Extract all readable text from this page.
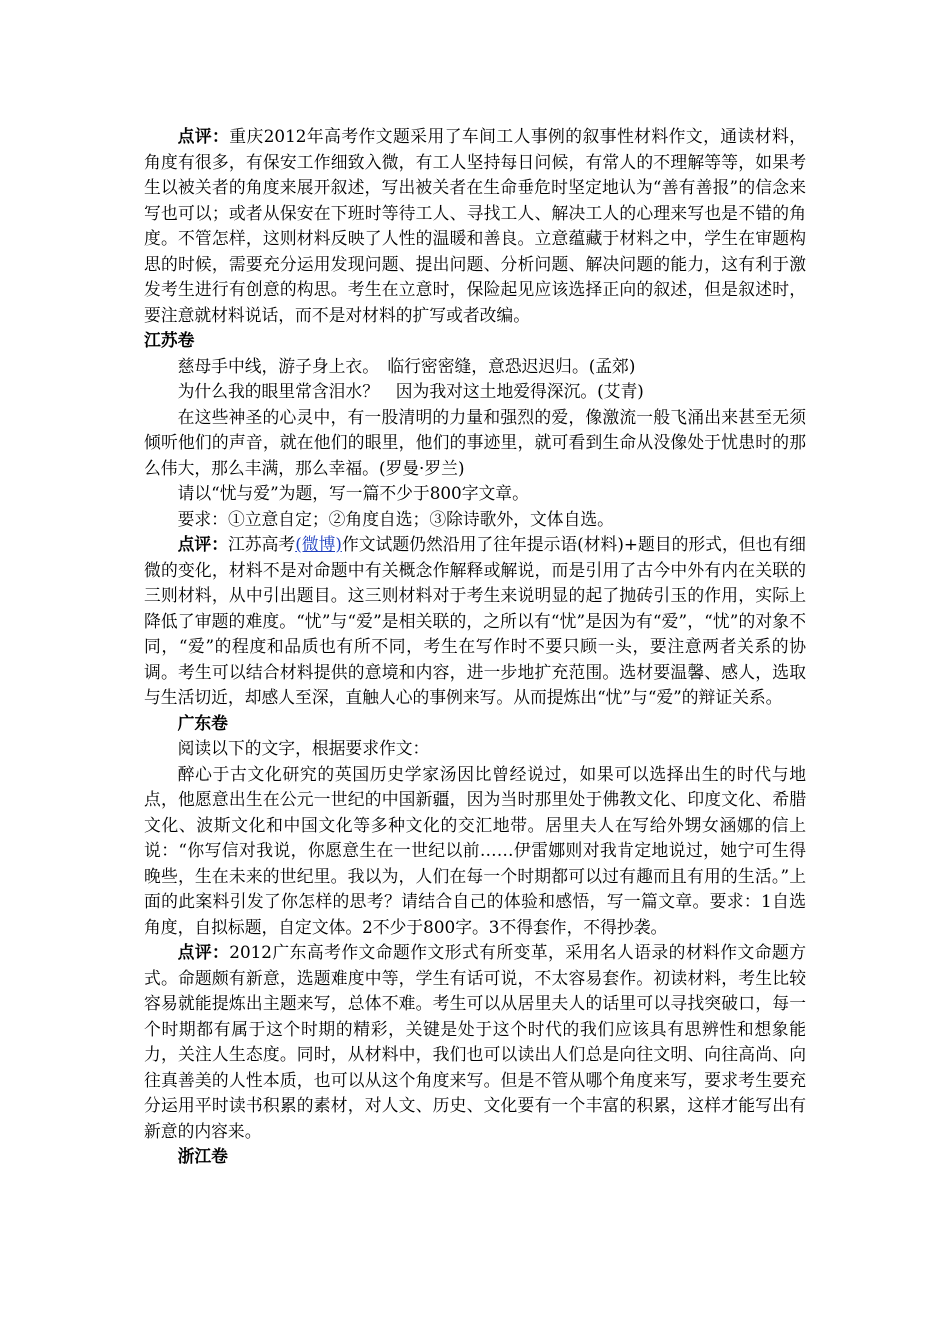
点评：重庆2012年高考作文题采用了车间工人事例的叙事性材料作文，通读材料，角度有很多，有保安工作细致入微，有工人坚持每日问候，有常人的不理解等等，如果考生以被关者的角度来展开叙述，写出被关者在生命垂危时坚定地认为“善有善报”的信念来写也可以；或者从保安在下班时等待工人、寻找工人、解决工人的心理来写也是不错的角度。不管怎样，这则材料反映了人性的温暖和善良。立意蕴藏于材料之中，学生在审题构思的时候，需要充分运用发现问题、提出问题、分析问题、解决问题的能力，这有利于激发考生进行有创意的构思。考生在立意时，保险起见应该选择正向的叙述，但是叙述时，要注意就材料说话，而不是对材料的扩写或者改编。

江苏卷

慈母手中线，游子身上衣。　临行密密缝，意恐迟迟归。(孟郊)

为什么我的眼里常含泪水？　因为我对这土地爱得深沉。(艾青)

在这些神圣的心灵中，有一股清明的力量和强烈的爱，像激流一般飞涌出来甚至无须倾听他们的声音，就在他们的眼里，他们的事迹里，就可看到生命从没像处于忧患时的那么伟大，那么丰满，那么幸福。(罗曼·罗兰)

请以“忧与爱”为题，写一篇不少于800字文章。

要求：①立意自定；②角度自选；③除诗歌外，文体自选。

点评：江苏高考(微博)作文试题仍然沿用了往年提示语(材料)+题目的形式，但也有细微的变化，材料不是对命题中有关概念作解释或解说，而是引用了古今中外有内在关联的三则材料，从中引出题目。这三则材料对于考生来说明显的起了抛砖引玉的作用，实际上降低了审题的难度。“忧”与“爱”是相关联的，之所以有“忧”是因为有“爱”，“忧”的对象不同，“爱”的程度和品质也有所不同，考生在写作时不要只顾一头，要注意两者关系的协调。考生可以结合材料提供的意境和内容，进一步地扩充范围。选材要温馨、感人，选取与生活切近，却感人至深，直触人心的事例来写。从而提炼出“忧”与“爱”的辩证关系。

广东卷

阅读以下的文字，根据要求作文：

醉心于古文化研究的英国历史学家汤因比曾经说过，如果可以选择出生的时代与地点，他愿意出生在公元一世纪的中国新疆，因为当时那里处于佛教文化、印度文化、希腊文化、波斯文化和中国文化等多种文化的交汇地带。居里夫人在写给外甥女涵娜的信上说：“你写信对我说，你愿意生在一世纪以前……伊雷娜则对我肯定地说过，她宁可生得晚些，生在未来的世纪里。我以为，人们在每一个时期都可以过有趣而且有用的生活。”上面的此案料引发了你怎样的思考？请结合自己的体验和感悟，写一篇文章。要求：1自选角度，自拟标题，自定文体。2不少于800字。3不得套作，不得抄袭。

点评：2012广东高考作文命题作文形式有所变革，采用名人语录的材料作文命题方式。命题颇有新意，选题难度中等，学生有话可说，不太容易套作。初读材料，考生比较容易就能提炼出主题来写，总体不难。考生可以从居里夫人的话里可以寻找突破口，每一个时期都有属于这个时期的精彩，关键是处于这个时代的我们应该具有思辨性和想象能力，关注人生态度。同时，从材料中，我们也可以读出人们总是向往文明、向往高尚、向往真善美的人性本质，也可以从这个角度来写。但是不管从哪个角度来写，要求考生要充分运用平时读书积累的素材，对人文、历史、文化要有一个丰富的积累，这样才能写出有新意的内容来。

浙江卷
